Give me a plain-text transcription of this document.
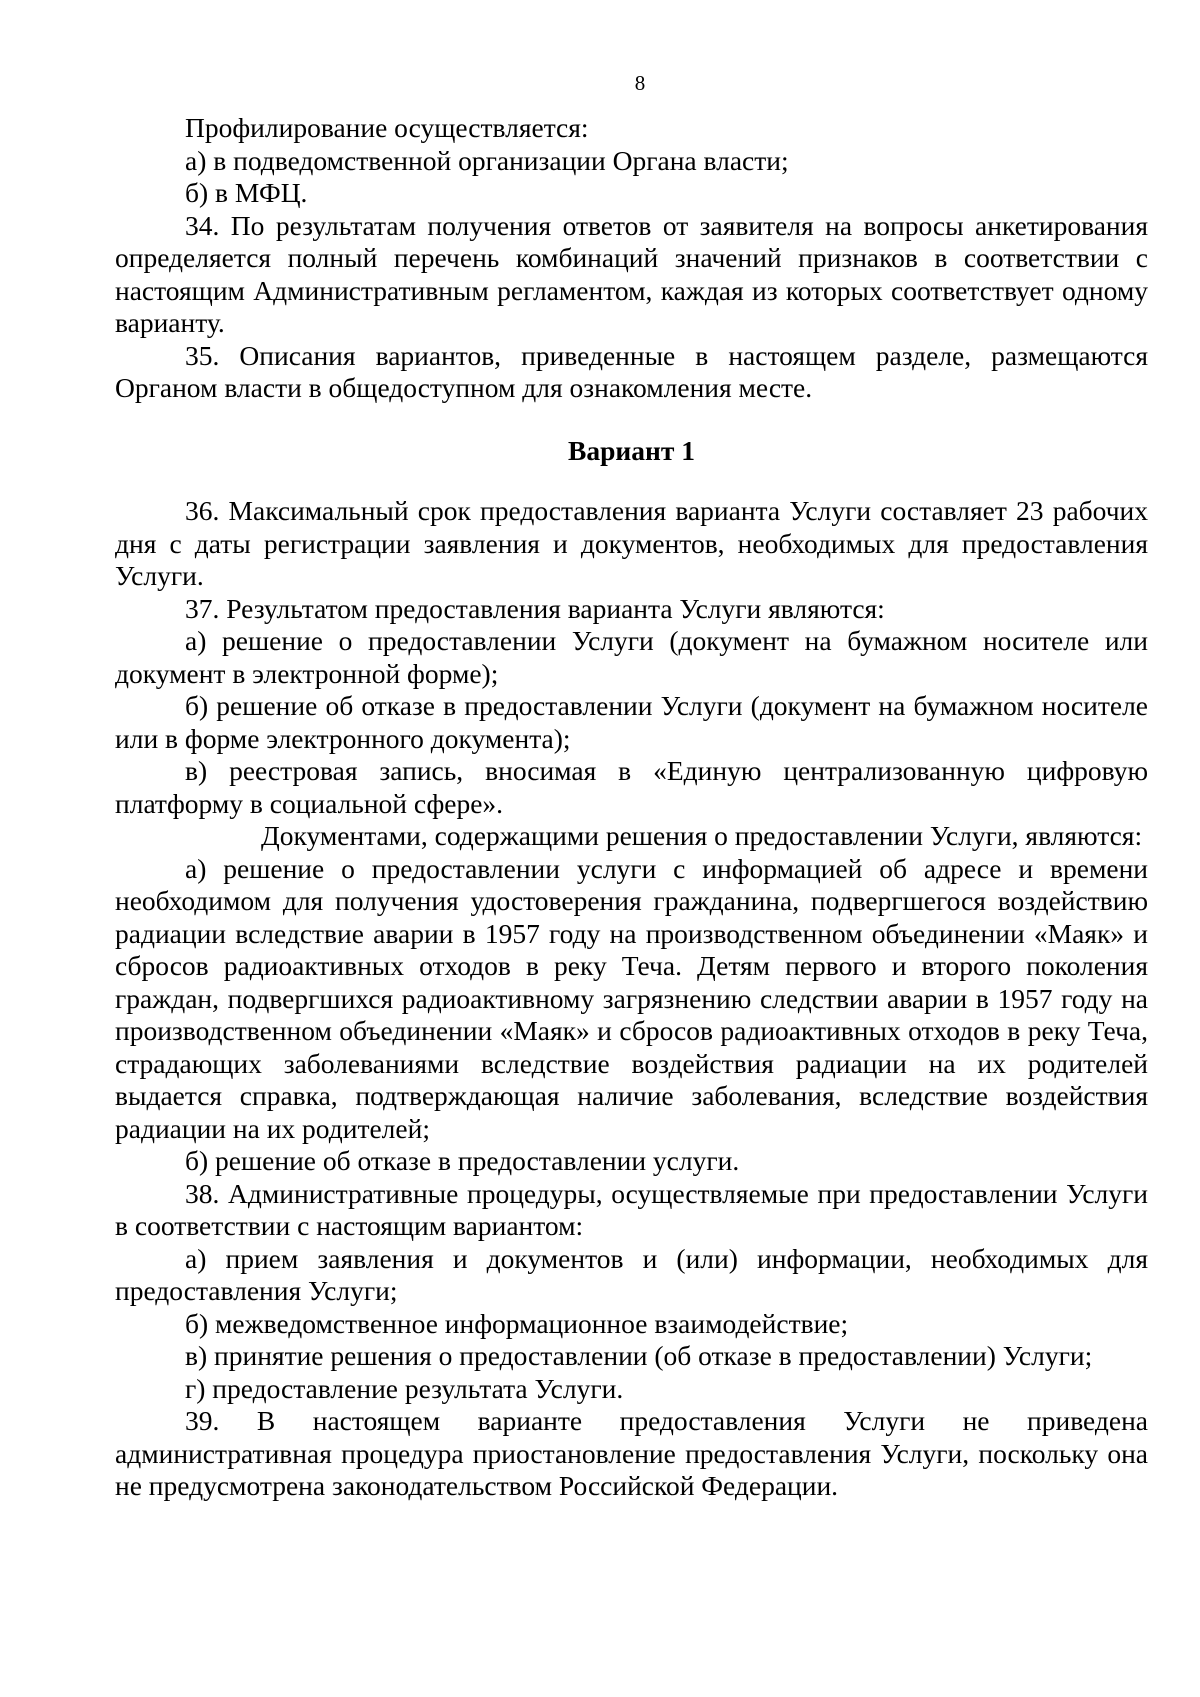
8

Профилирование осуществляется:

а) в подведомственной организации Органа власти;

б) в МФЦ.

34. По результатам получения ответов от заявителя на вопросы анкетирования определяется полный перечень комбинаций значений признаков в соответствии с настоящим Административным регламентом, каждая из которых соответствует одному варианту.

35. Описания вариантов, приведенные в настоящем разделе, размещаются Органом власти в общедоступном для ознакомления месте.

Вариант 1

36. Максимальный срок предоставления варианта Услуги составляет 23 рабочих дня с даты регистрации заявления и документов, необходимых для предоставления Услуги.

37. Результатом предоставления варианта Услуги являются:

а) решение о предоставлении Услуги (документ на бумажном носителе или документ в электронной форме);

б) решение об отказе в предоставлении Услуги (документ на бумажном носителе или в форме электронного документа);

в) реестровая запись, вносимая в «Единую централизованную цифровую платформу в социальной сфере».

Документами, содержащими решения о предоставлении Услуги, являются:

а) решение о предоставлении услуги с информацией об адресе и времени необходимом для получения удостоверения гражданина, подвергшегося воздействию радиации вследствие аварии в 1957 году на производственном объединении «Маяк» и сбросов радиоактивных отходов в реку Теча. Детям первого и второго поколения граждан, подвергшихся радиоактивному загрязнению следствии аварии в 1957 году на производственном объединении «Маяк» и сбросов радиоактивных отходов в реку Теча, страдающих заболеваниями вследствие воздействия радиации на их родителей выдается справка, подтверждающая наличие заболевания, вследствие воздействия радиации на их родителей;

б) решение об отказе в предоставлении услуги.

38. Административные процедуры, осуществляемые при предоставлении Услуги в соответствии с настоящим вариантом:

а) прием заявления и документов и (или) информации, необходимых для предоставления Услуги;

б) межведомственное информационное взаимодействие;

в) принятие решения о предоставлении (об отказе в предоставлении) Услуги;

г) предоставление результата Услуги.

39. В настоящем варианте предоставления Услуги не приведена административная процедура приостановление предоставления Услуги, поскольку она не предусмотрена законодательством Российской Федерации.
